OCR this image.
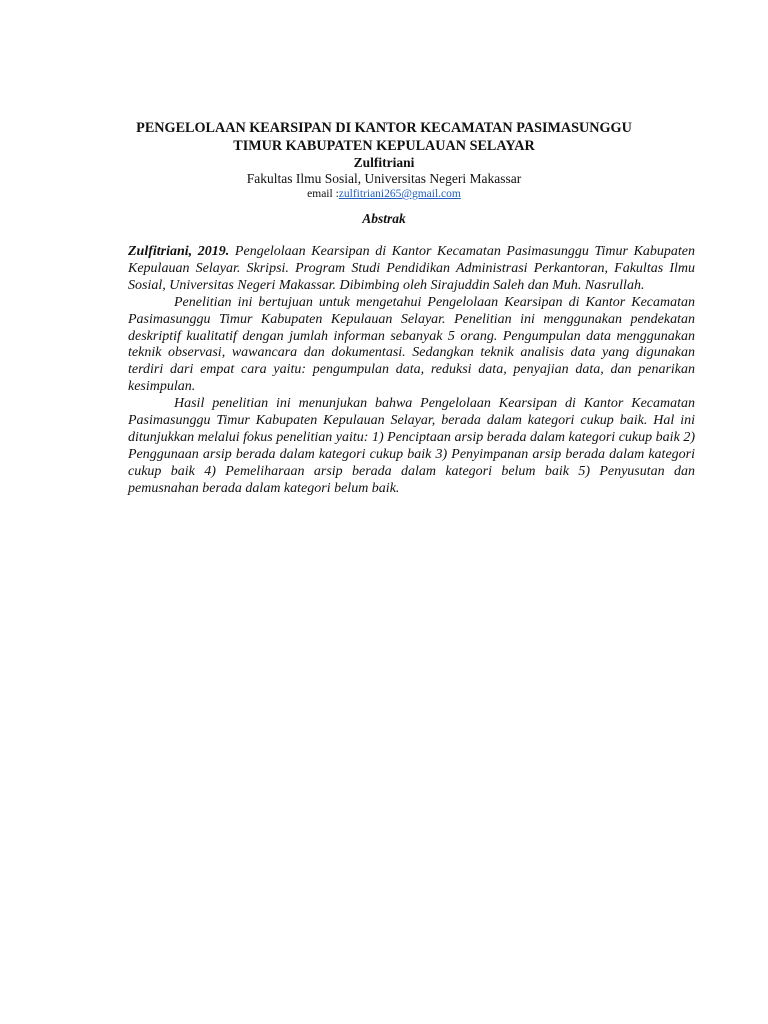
PENGELOLAAN KEARSIPAN DI KANTOR KECAMATAN PASIMASUNGGU

TIMUR KABUPATEN KEPULAUAN SELAYAR

Zulfitriani

Fakultas Ilmu Sosial, Universitas Negeri Makassar

email :zulfitriani265@gmail.com

Abstrak

Zulfitriani, 2019. Pengelolaan Kearsipan di Kantor Kecamatan Pasimasunggu Timur Kabupaten Kepulauan Selayar. Skripsi. Program Studi Pendidikan Administrasi Perkantoran, Fakultas Ilmu Sosial, Universitas Negeri Makassar. Dibimbing oleh Sirajuddin Saleh dan Muh. Nasrullah.

Penelitian ini bertujuan untuk mengetahui Pengelolaan Kearsipan di Kantor Kecamatan Pasimasunggu Timur Kabupaten Kepulauan Selayar. Penelitian ini menggunakan pendekatan deskriptif kualitatif dengan jumlah informan sebanyak 5 orang. Pengumpulan data menggunakan teknik observasi, wawancara dan dokumentasi. Sedangkan teknik analisis data yang digunakan terdiri dari empat cara yaitu: pengumpulan data, reduksi data, penyajian data, dan penarikan kesimpulan.

Hasil penelitian ini menunjukan bahwa Pengelolaan Kearsipan di Kantor Kecamatan Pasimasunggu Timur Kabupaten Kepulauan Selayar, berada dalam kategori cukup baik. Hal ini ditunjukkan melalui fokus penelitian yaitu: 1) Penciptaan arsip berada dalam kategori cukup baik 2) Penggunaan arsip berada dalam kategori cukup baik 3) Penyimpanan arsip berada dalam kategori cukup baik 4) Pemeliharaan arsip berada dalam kategori belum baik 5) Penyusutan dan pemusnahan berada dalam kategori belum baik.
